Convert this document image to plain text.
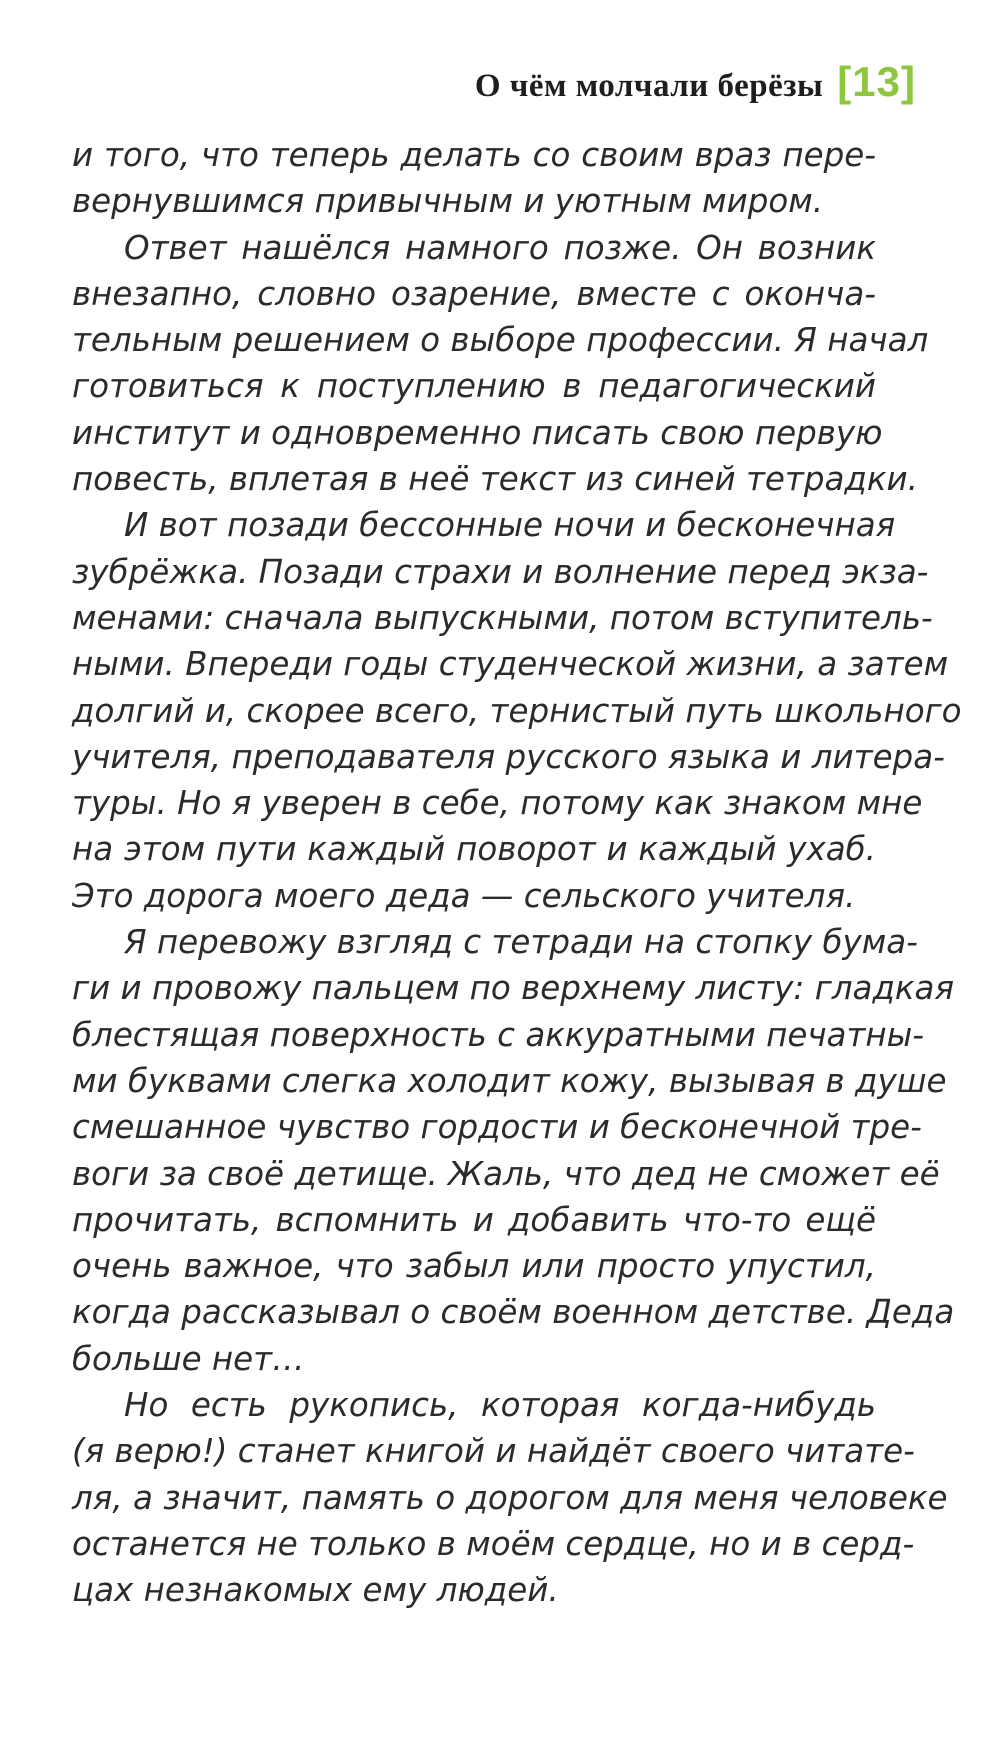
О чём молчали берёзы [13]
и того, что теперь делать со своим враз пере-
вернувшимся привычным и уютным миром.
Ответ нашёлся намного позже. Он возник
внезапно, словно озарение, вместе с оконча-
тельным решением о выборе профессии. Я начал
готовиться к поступлению в педагогический
институт и одновременно писать свою первую
повесть, вплетая в неё текст из синей тетрадки.
И вот позади бессонные ночи и бесконечная
зубрёжка. Позади страхи и волнение перед экза-
менами: сначала выпускными, потом вступитель-
ными. Впереди годы студенческой жизни, а затем
долгий и, скорее всего, тернистый путь школьного
учителя, преподавателя русского языка и литера-
туры. Но я уверен в себе, потому как знаком мне
на этом пути каждый поворот и каждый ухаб.
Это дорога моего деда — сельского учителя.
Я перевожу взгляд с тетради на стопку бума-
ги и провожу пальцем по верхнему листу: гладкая
блестящая поверхность с аккуратными печатны-
ми буквами слегка холодит кожу, вызывая в душе
смешанное чувство гордости и бесконечной тре-
воги за своё детище. Жаль, что дед не сможет её
прочитать, вспомнить и добавить что-то ещё
очень важное, что забыл или просто упустил,
когда рассказывал о своём военном детстве. Деда
больше нет…
Но есть рукопись, которая когда-нибудь
(я верю!) станет книгой и найдёт своего читате-
ля, а значит, память о дорогом для меня человеке
останется не только в моём сердце, но и в серд-
цах незнакомых ему людей.
